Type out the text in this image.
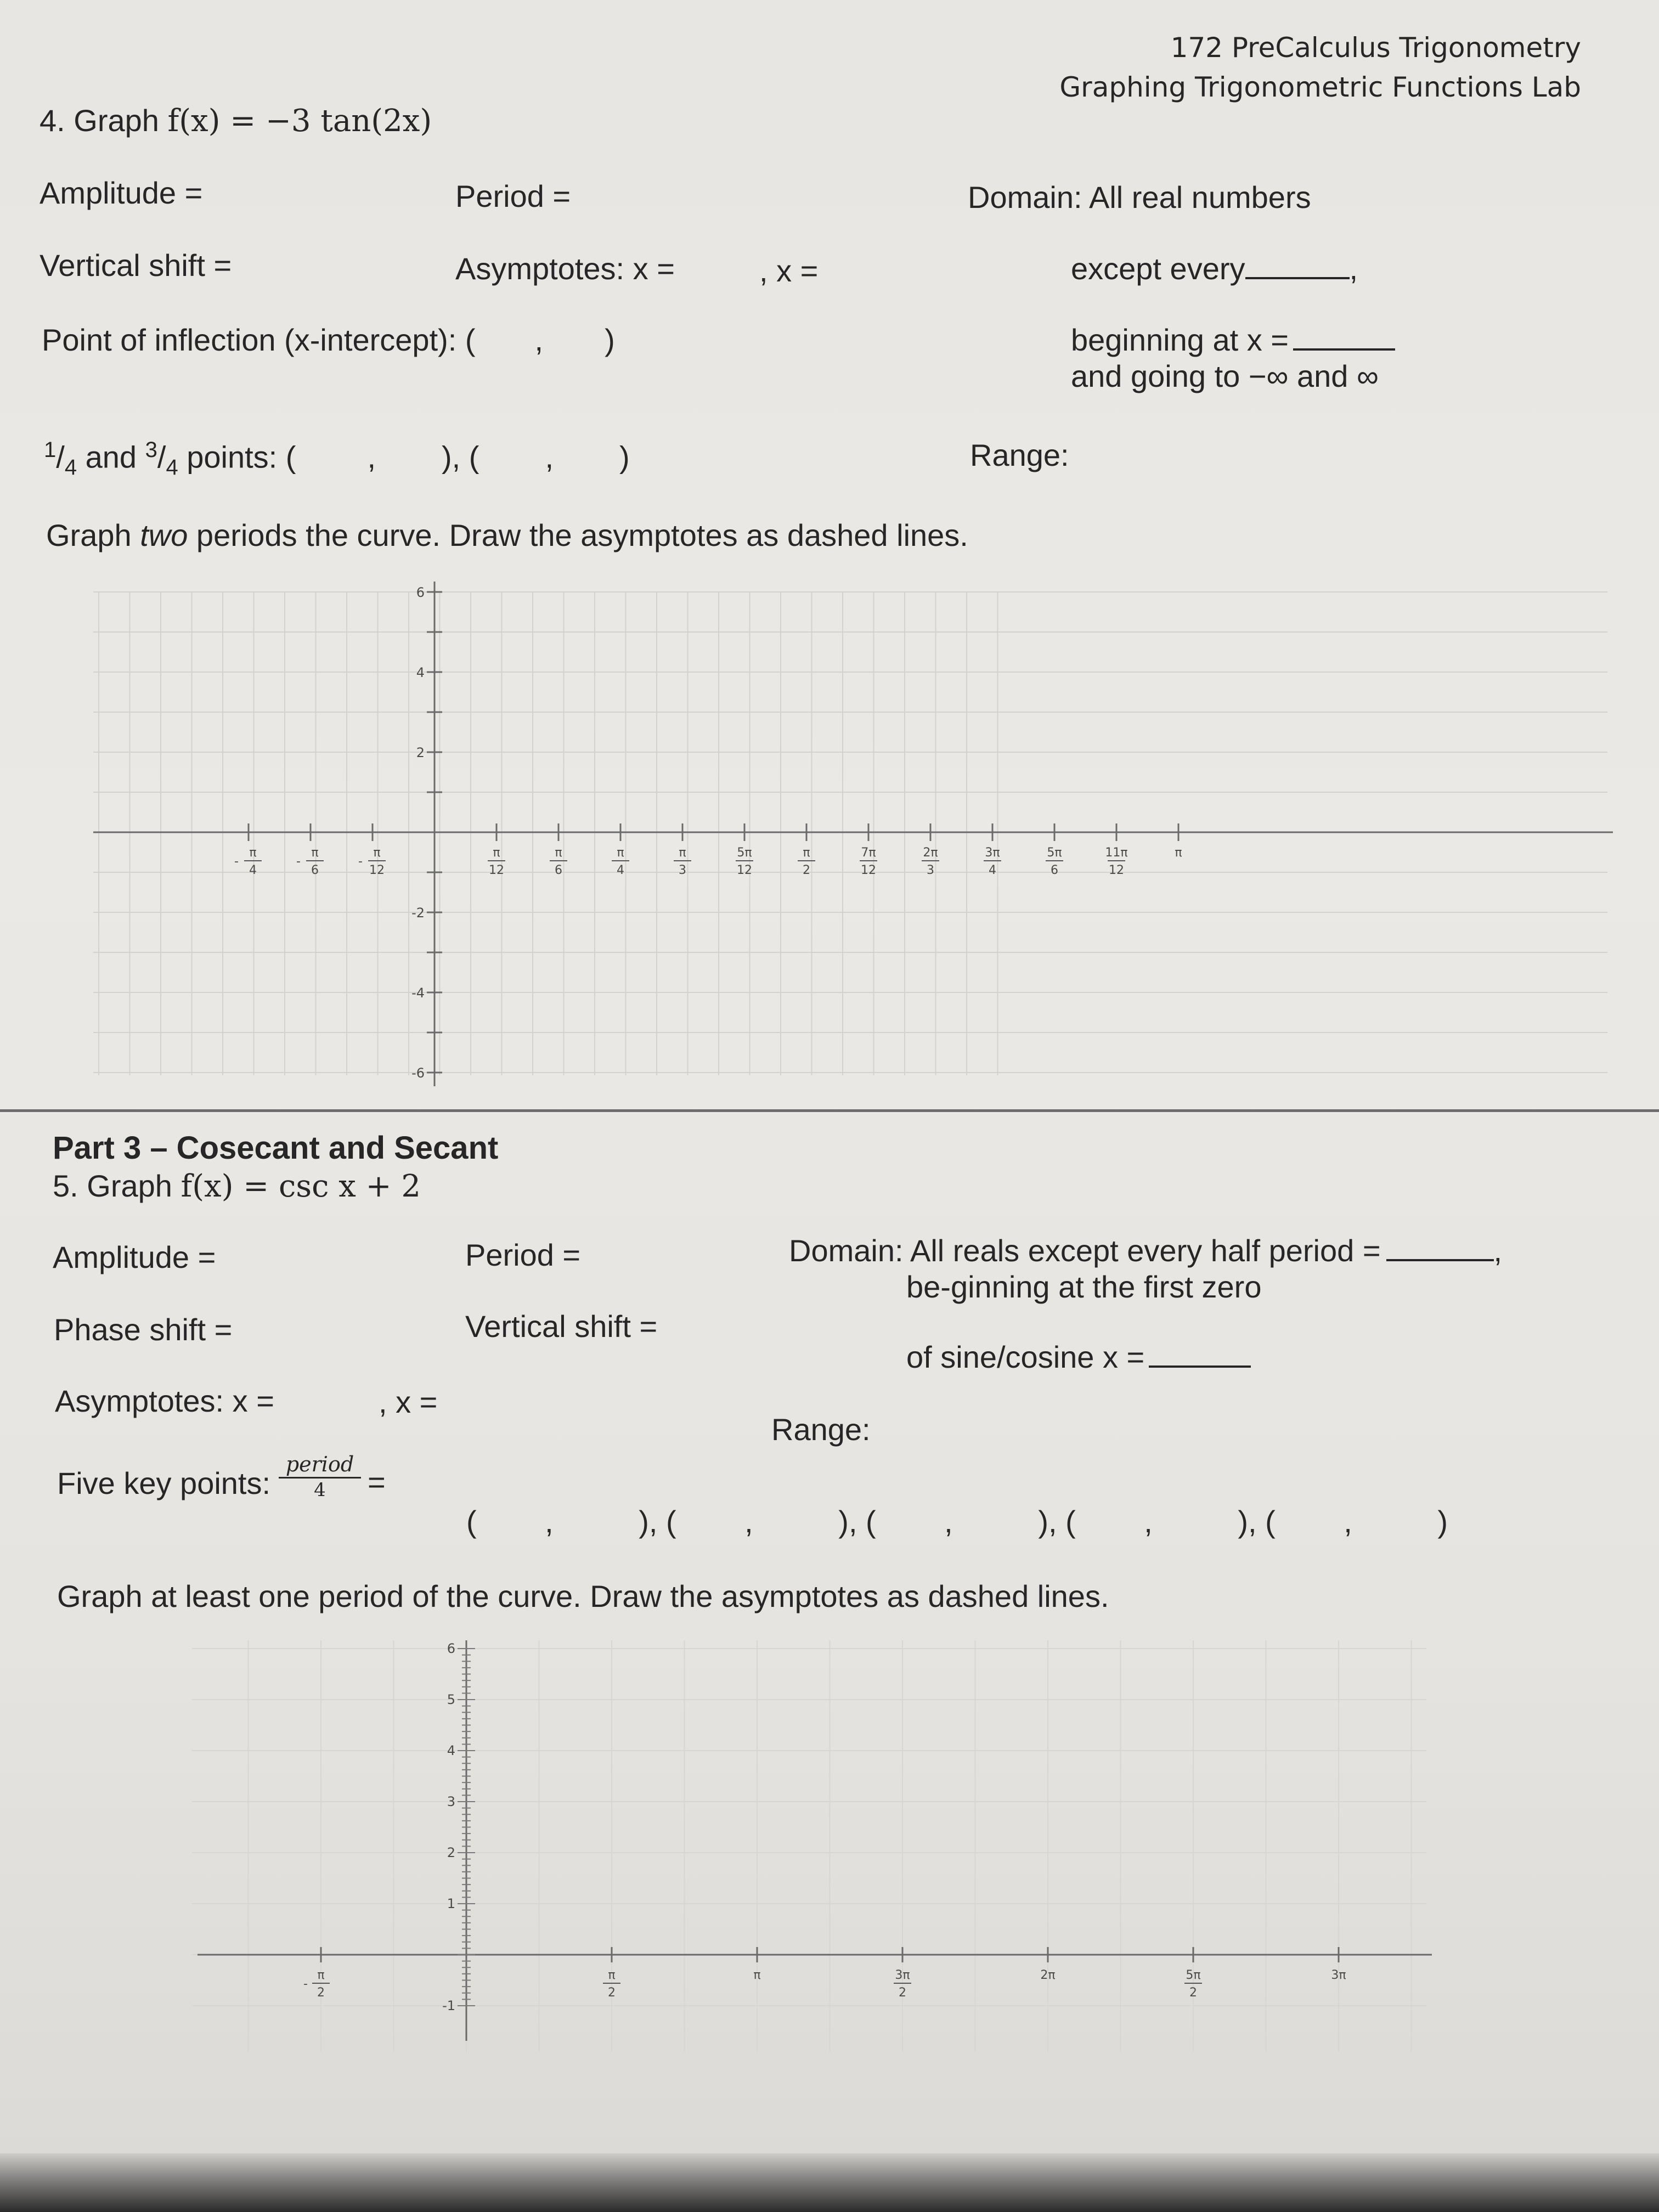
172 PreCalculus Trigonometry
Graphing Trigonometric Functions Lab
4. Graph f(x) = −3 tan(2x)
Amplitude =	Period =	Domain: All real numbers
Vertical shift =	Asymptotes: x =	, x =	except every	,
Point of inflection (x-intercept): ( , )	beginning at x =
and going to −∞ and ∞
$^1/_4$ and $^3/_4$ points: ( , ), ( , )	Range:
Graph two periods the curve. Draw the asymptotes as dashed lines.
6
4
2
-2
-4
-6
-
π
4
-
π
6
-
π
12
π
12
π
6
π
4
π
3
5π
12
π
2
7π
12
2π
3
3π
4
5π
6
11π
12
π
Part 3 – Cosecant and Secant
5. Graph f(x) = csc x + 2
Amplitude =	Period =	Domain: All reals except every half period =	,
be-ginning at the first zero
Phase shift =	Vertical shift =
of sine/cosine x =
Asymptotes: x =	, x =
Range:
Five key points:
period
4	=
(        ,          ), (        ,          ), (        ,          ), (        ,          ), (        ,          )
Graph at least one period of the curve. Draw the asymptotes as dashed lines.
6
5
4
3
2
1
-1
-
π
2
π
2
π	3π
2
2π	5π
2
3π
